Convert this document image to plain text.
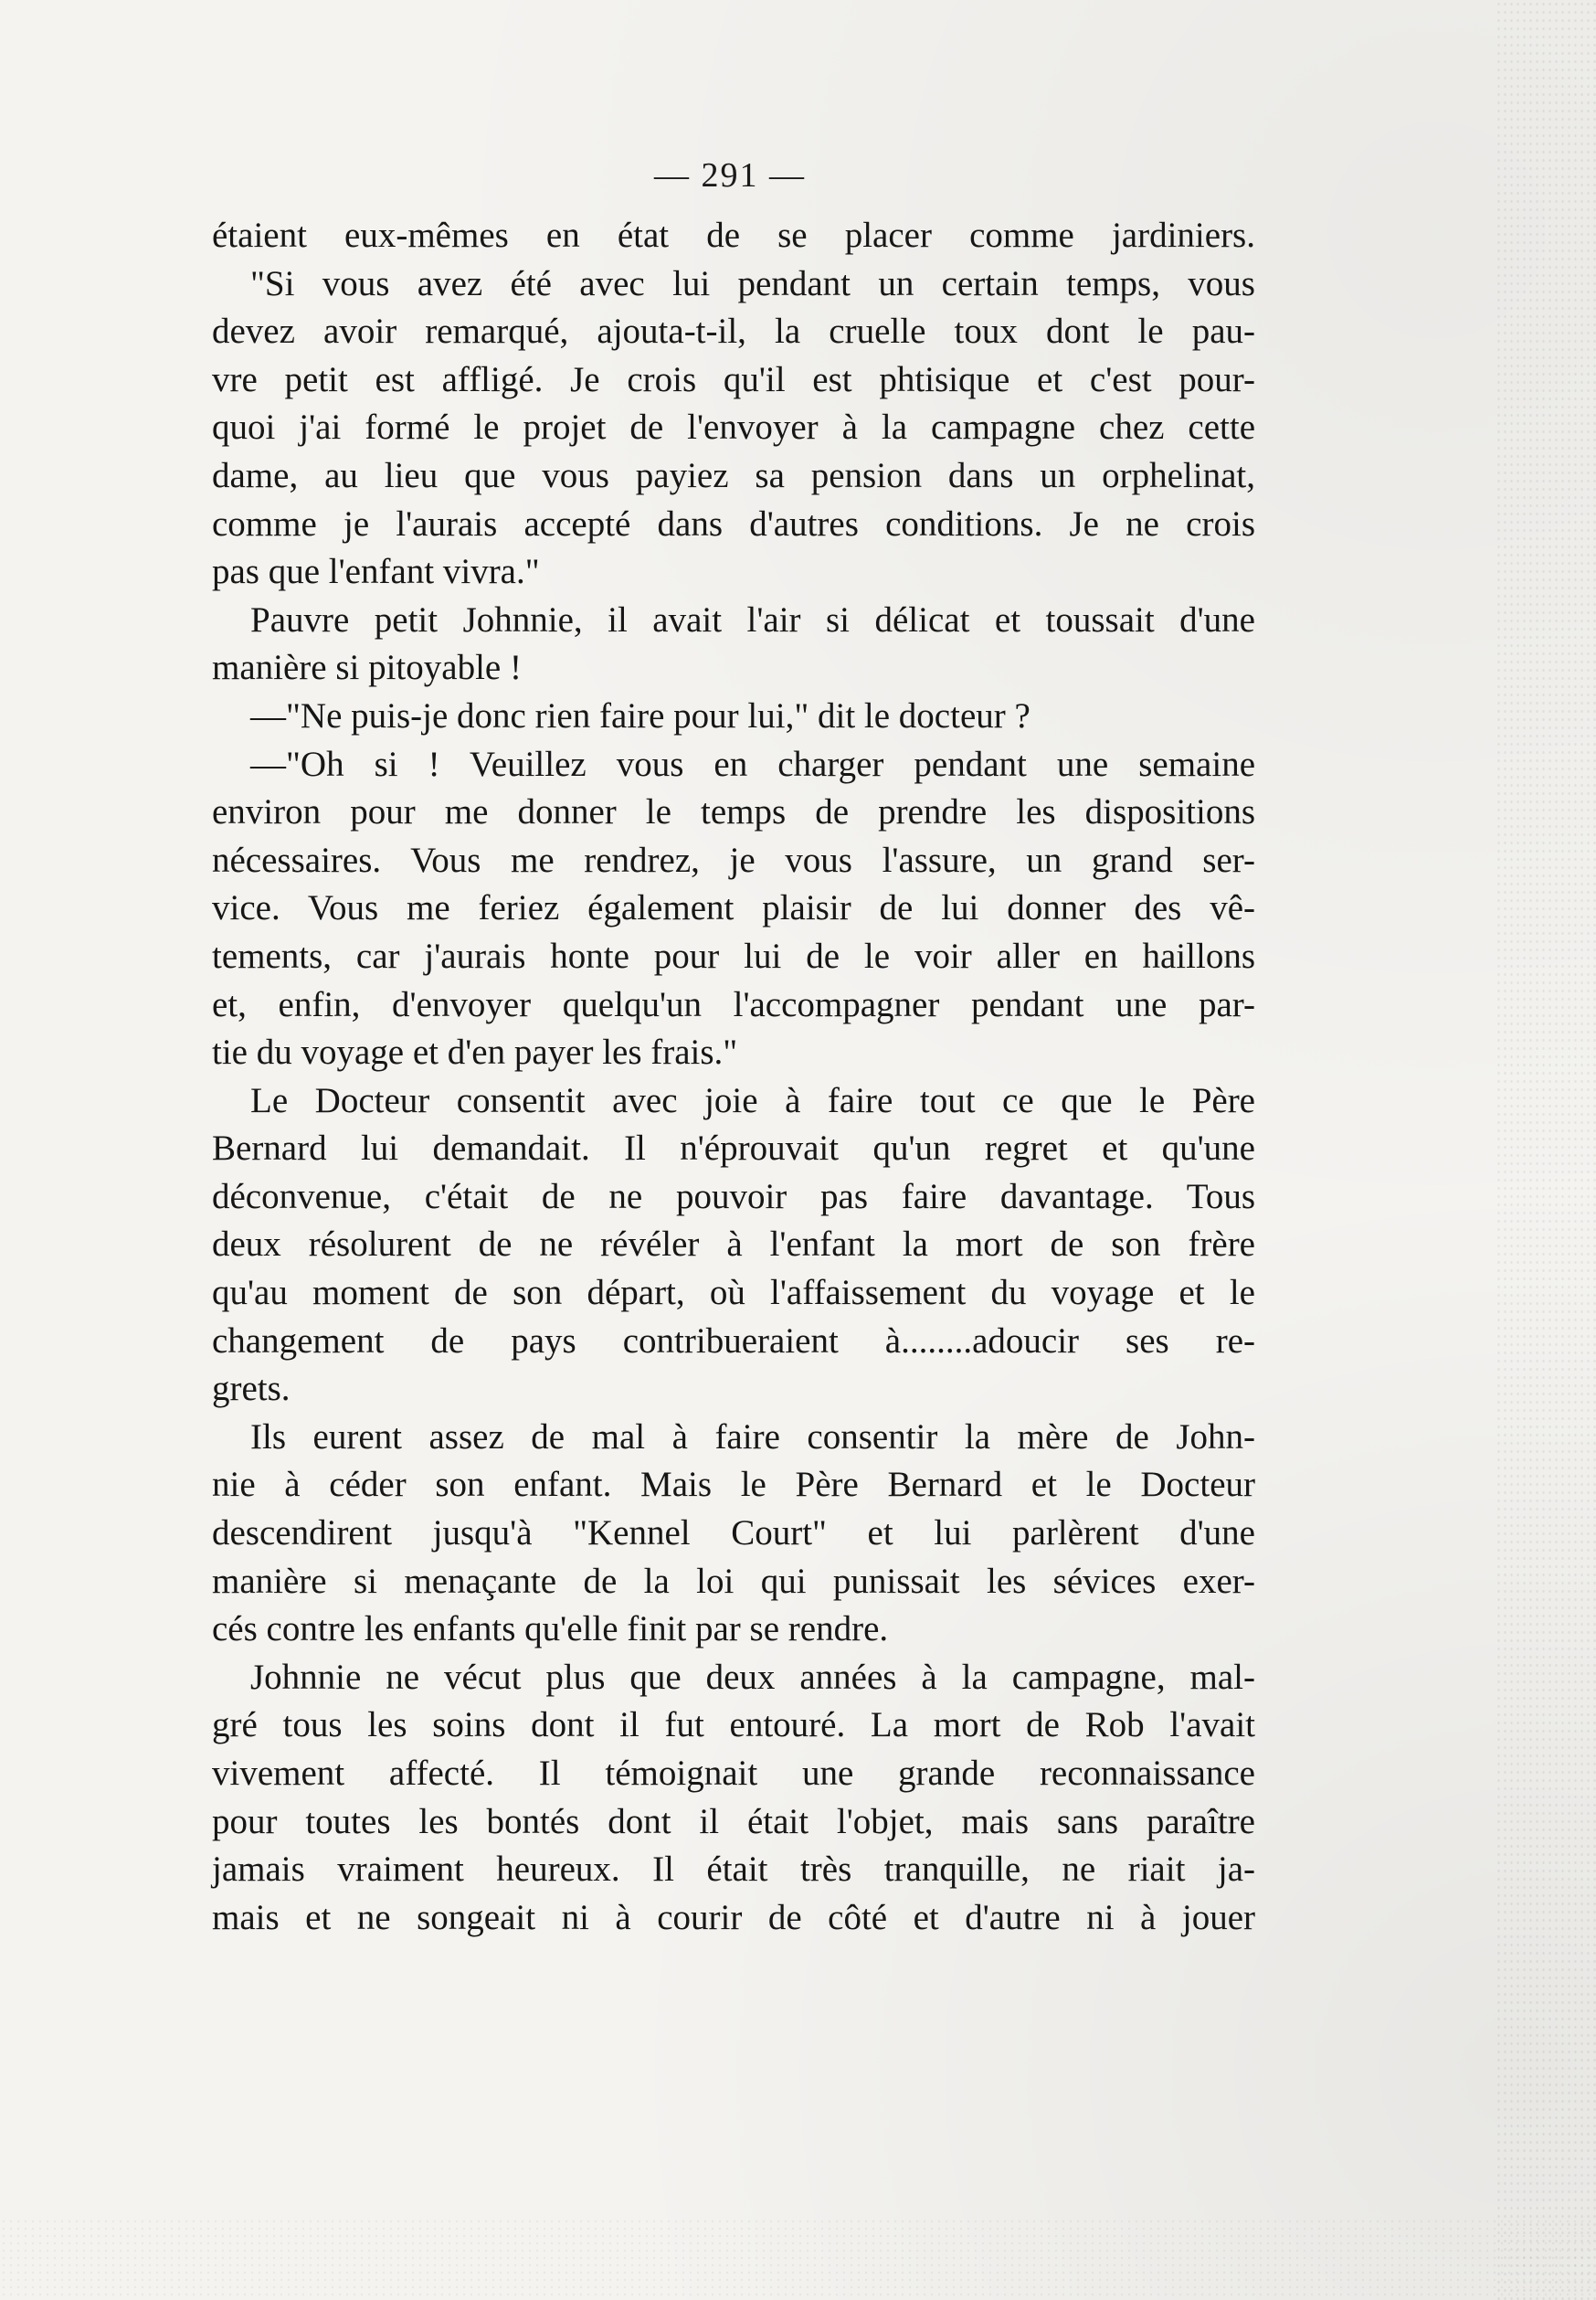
— 291 —
étaient eux-mêmes en état de se placer comme jardiniers.
"Si vous avez été avec lui pendant un certain temps, vous
devez avoir remarqué, ajouta-t-il, la cruelle toux dont le pau-
vre petit est affligé. Je crois qu'il est phtisique et c'est pour-
quoi j'ai formé le projet de l'envoyer à la campagne chez cette
dame, au lieu que vous payiez sa pension dans un orphelinat,
comme je l'aurais accepté dans d'autres conditions. Je ne crois
pas que l'enfant vivra."
Pauvre petit Johnnie, il avait l'air si délicat et toussait d'une
manière si pitoyable !
—"Ne puis-je donc rien faire pour lui," dit le docteur ?
—"Oh si ! Veuillez vous en charger pendant une semaine
environ pour me donner le temps de prendre les dispositions
nécessaires. Vous me rendrez, je vous l'assure, un grand ser-
vice. Vous me feriez également plaisir de lui donner des vê-
tements, car j'aurais honte pour lui de le voir aller en haillons
et, enfin, d'envoyer quelqu'un l'accompagner pendant une par-
tie du voyage et d'en payer les frais."
Le Docteur consentit avec joie à faire tout ce que le Père
Bernard lui demandait. Il n'éprouvait qu'un regret et qu'une
déconvenue, c'était de ne pouvoir pas faire davantage. Tous
deux résolurent de ne révéler à l'enfant la mort de son frère
qu'au moment de son départ, où l'affaissement du voyage et le
changement de pays contribueraient à........adoucir ses re-
grets.
Ils eurent assez de mal à faire consentir la mère de John-
nie à céder son enfant. Mais le Père Bernard et le Docteur
descendirent jusqu'à "Kennel Court" et lui parlèrent d'une
manière si menaçante de la loi qui punissait les sévices exer-
cés contre les enfants qu'elle finit par se rendre.
Johnnie ne vécut plus que deux années à la campagne, mal-
gré tous les soins dont il fut entouré. La mort de Rob l'avait
vivement affecté. Il témoignait une grande reconnaissance
pour toutes les bontés dont il était l'objet, mais sans paraître
jamais vraiment heureux. Il était très tranquille, ne riait ja-
mais et ne songeait ni à courir de côté et d'autre ni à jouer
